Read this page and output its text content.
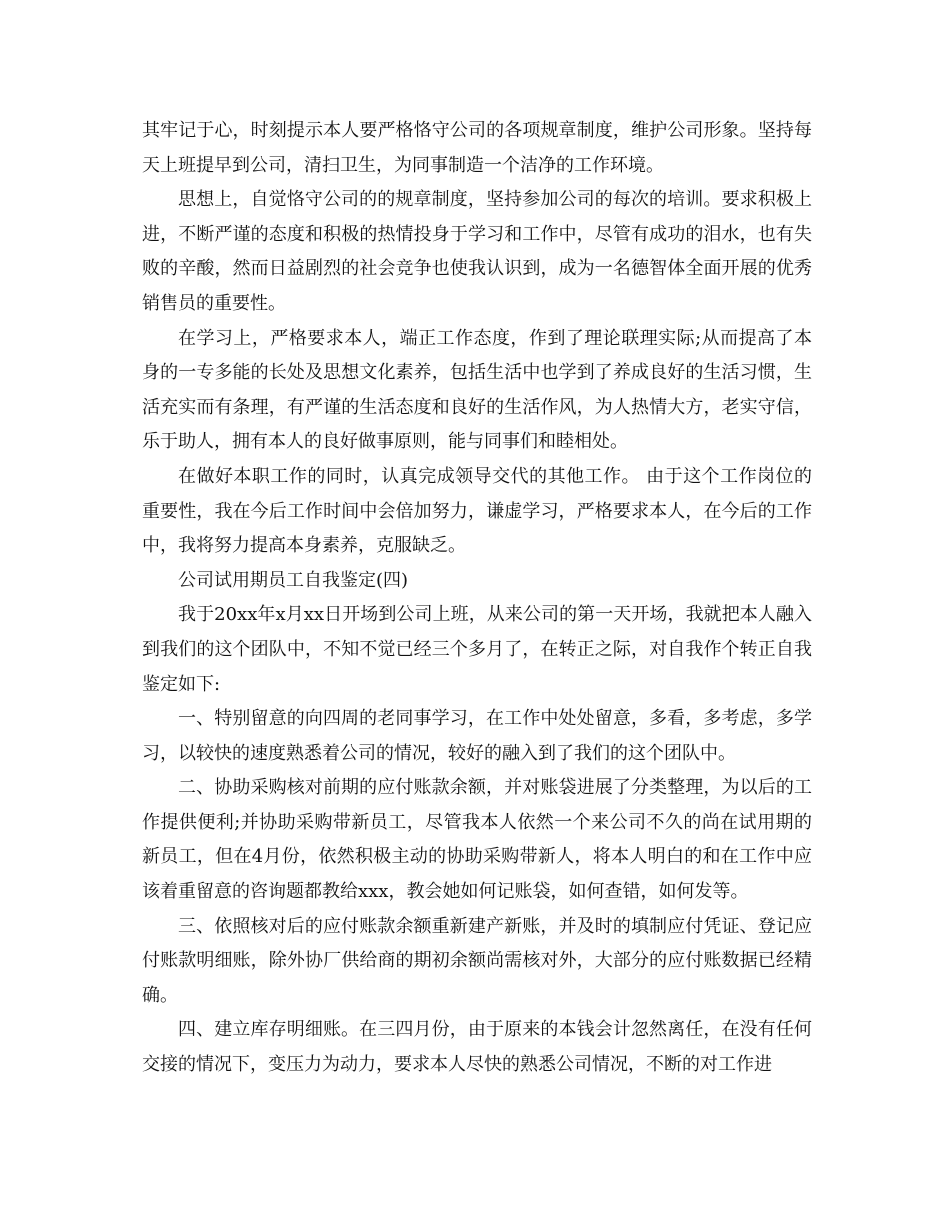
其牢记于心，时刻提示本人要严格恪守公司的各项规章制度，维护公司形象。坚持每天上班提早到公司，清扫卫生，为同事制造一个洁净的工作环境。

思想上，自觉恪守公司的的规章制度，坚持参加公司的每次的培训。要求积极上进，不断严谨的态度和积极的热情投身于学习和工作中，尽管有成功的泪水，也有失败的辛酸，然而日益剧烈的社会竞争也使我认识到，成为一名德智体全面开展的优秀销售员的重要性。

在学习上，严格要求本人，端正工作态度，作到了理论联理实际;从而提高了本身的一专多能的长处及思想文化素养，包括生活中也学到了养成良好的生活习惯，生活充实而有条理，有严谨的生活态度和良好的生活作风，为人热情大方，老实守信，乐于助人，拥有本人的良好做事原则，能与同事们和睦相处。

在做好本职工作的同时，认真完成领导交代的其他工作。 由于这个工作岗位的重要性，我在今后工作时间中会倍加努力，谦虚学习，严格要求本人，在今后的工作中，我将努力提高本身素养，克服缺乏。

公司试用期员工自我鉴定(四)

我于20xx年x月xx日开场到公司上班，从来公司的第一天开场，我就把本人融入到我们的这个团队中，不知不觉已经三个多月了，在转正之际，对自我作个转正自我鉴定如下:

一、特别留意的向四周的老同事学习，在工作中处处留意，多看，多考虑，多学习，以较快的速度熟悉着公司的情况，较好的融入到了我们的这个团队中。

二、协助采购核对前期的应付账款余额，并对账袋进展了分类整理，为以后的工作提供便利;并协助采购带新员工，尽管我本人依然一个来公司不久的尚在试用期的新员工，但在4月份，依然积极主动的协助采购带新人，将本人明白的和在工作中应该着重留意的咨询题都教给xxx，教会她如何记账袋，如何查错，如何发等。

三、依照核对后的应付账款余额重新建产新账，并及时的填制应付凭证、登记应付账款明细账，除外协厂供给商的期初余额尚需核对外，大部分的应付账数据已经精确。

四、建立库存明细账。在三四月份，由于原来的本钱会计忽然离任，在没有任何交接的情况下，变压力为动力，要求本人尽快的熟悉公司情况，不断的对工作进
